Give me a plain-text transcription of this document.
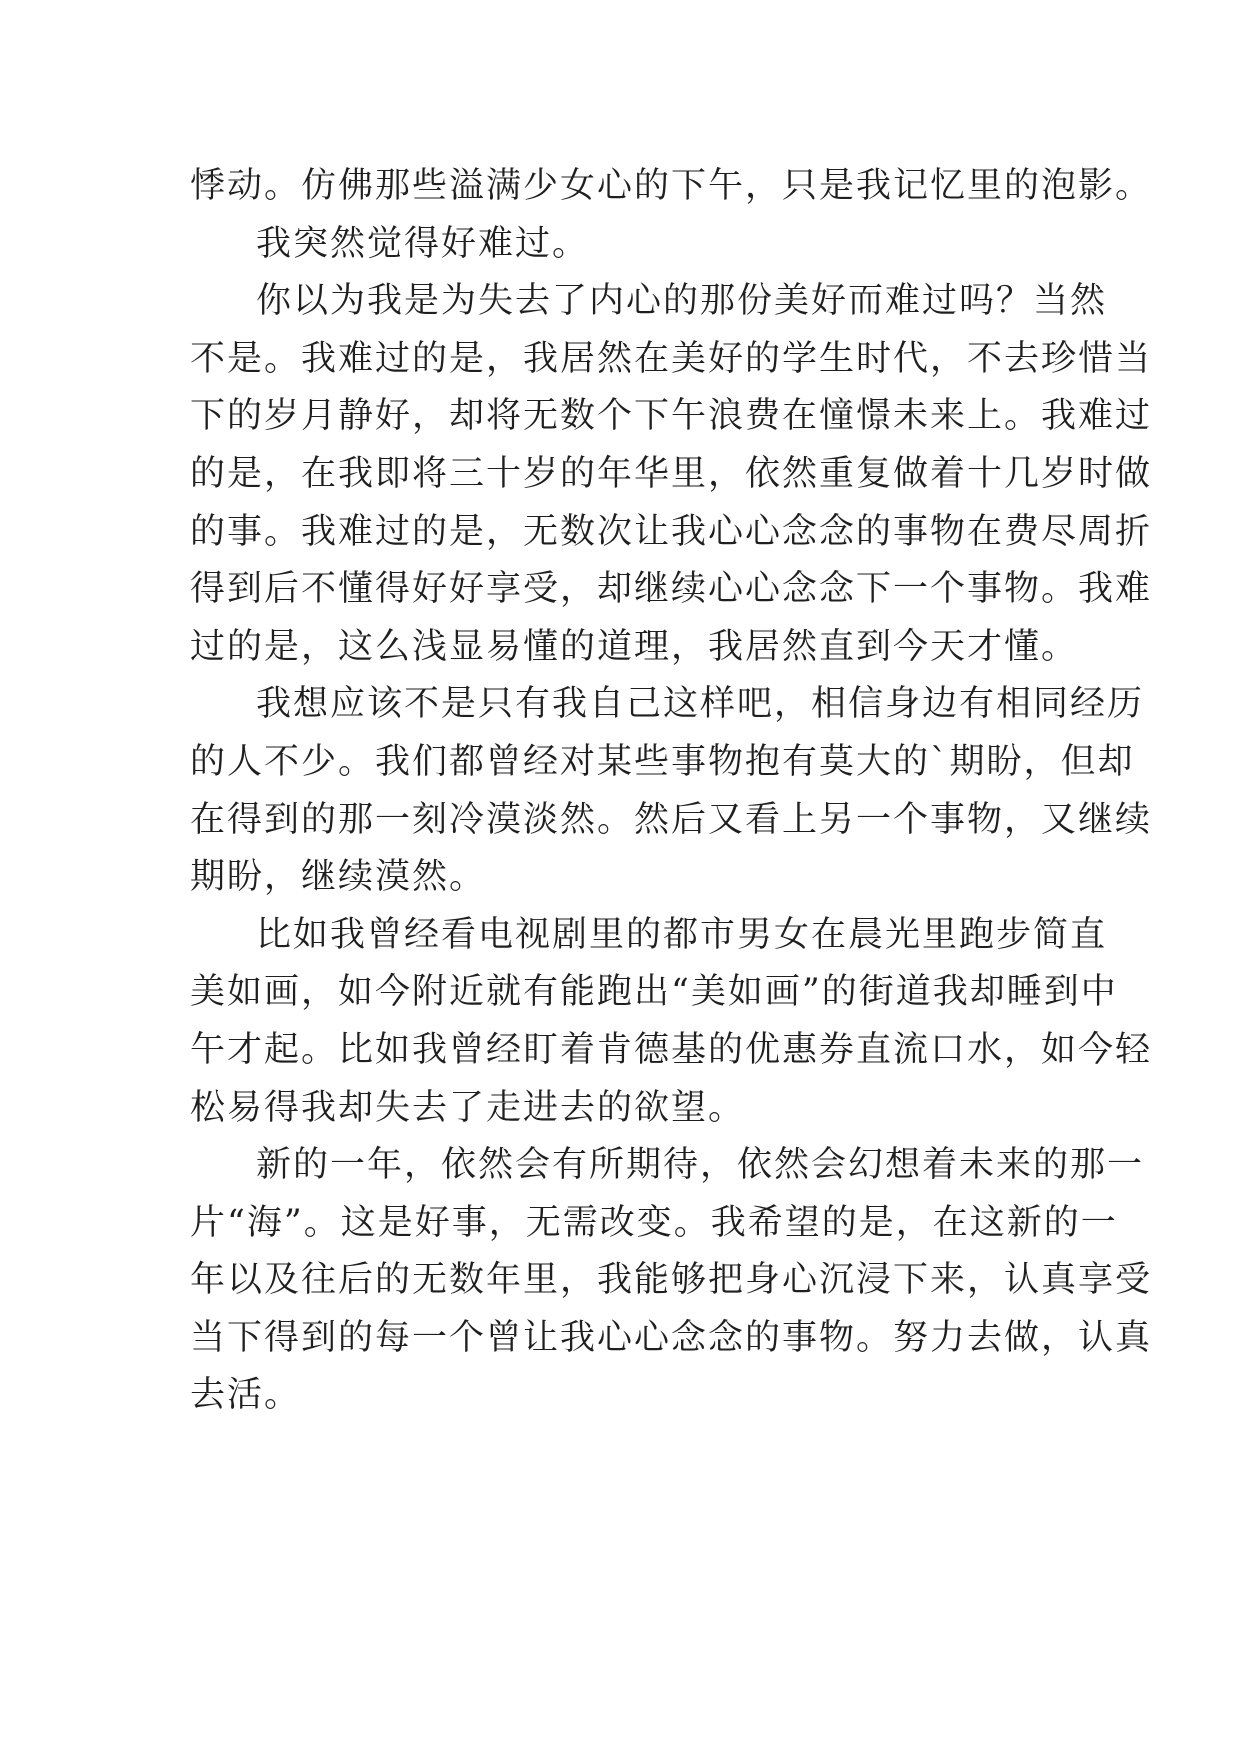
悸动。仿佛那些溢满少女心的下午，只是我记忆里的泡影。
我突然觉得好难过。
你以为我是为失去了内心的那份美好而难过吗？当然
不是。我难过的是，我居然在美好的学生时代，不去珍惜当
下的岁月静好，却将无数个下午浪费在憧憬未来上。我难过
的是，在我即将三十岁的年华里，依然重复做着十几岁时做
的事。我难过的是，无数次让我心心念念的事物在费尽周折
得到后不懂得好好享受，却继续心心念念下一个事物。我难
过的是，这么浅显易懂的道理，我居然直到今天才懂。
我想应该不是只有我自己这样吧，相信身边有相同经历
的人不少。我们都曾经对某些事物抱有莫大的`期盼，但却
在得到的那一刻冷漠淡然。然后又看上另一个事物，又继续
期盼，继续漠然。
比如我曾经看电视剧里的都市男女在晨光里跑步简直
美如画，如今附近就有能跑出“美如画”的街道我却睡到中
午才起。比如我曾经盯着肯德基的优惠券直流口水，如今轻
松易得我却失去了走进去的欲望。
新的一年，依然会有所期待，依然会幻想着未来的那一
片“海”。这是好事，无需改变。我希望的是，在这新的一
年以及往后的无数年里，我能够把身心沉浸下来，认真享受
当下得到的每一个曾让我心心念念的事物。努力去做，认真
去活。
